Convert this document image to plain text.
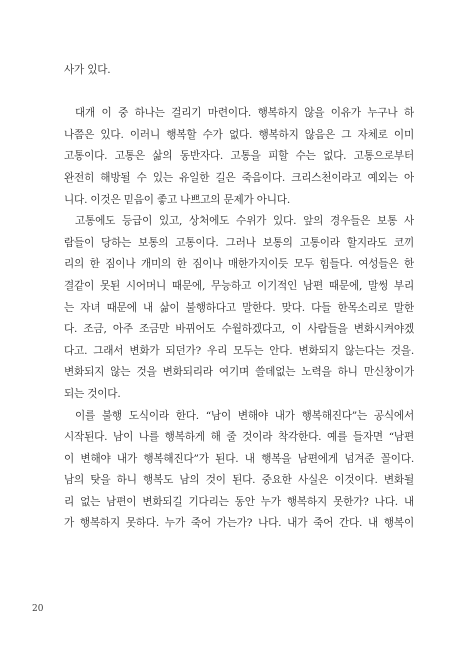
사가 있다.
대개 이 중 하나는 걸리기 마련이다. 행복하지 않을 이유가 누구나 하
나쯤은 있다. 이러니 행복할 수가 없다. 행복하지 않음은 그 자체로 이미
고통이다. 고통은 삶의 동반자다. 고통을 피할 수는 없다. 고통으로부터
완전히 해방될 수 있는 유일한 길은 죽음이다. 크리스천이라고 예외는 아
니다. 이것은 믿음이 좋고 나쁘고의 문제가 아니다.
고통에도 등급이 있고, 상처에도 수위가 있다. 앞의 경우들은 보통 사
람들이 당하는 보통의 고통이다. 그러나 보통의 고통이라 할지라도 코끼
리의 한 짐이나 개미의 한 짐이나 매한가지이듯 모두 힘들다. 여성들은 한
결같이 못된 시어머니 때문에, 무능하고 이기적인 남편 때문에, 말썽 부리
는 자녀 때문에 내 삶이 불행하다고 말한다. 맞다. 다들 한목소리로 말한
다. 조금, 아주 조금만 바뀌어도 수월하겠다고, 이 사람들을 변화시켜야겠
다고. 그래서 변화가 되던가? 우리 모두는 안다. 변화되지 않는다는 것을.
변화되지 않는 것을 변화되리라 여기며 쓸데없는 노력을 하니 만신창이가
되는 것이다.
이를 불행 도식이라 한다. “남이 변해야 내가 행복해진다”는 공식에서
시작된다. 남이 나를 행복하게 해 줄 것이라 착각한다. 예를 들자면 “남편
이 변해야 내가 행복해진다”가 된다. 내 행복을 남편에게 넘겨준 꼴이다.
남의 탓을 하니 행복도 남의 것이 된다. 중요한 사실은 이것이다. 변화될
리 없는 남편이 변화되길 기다리는 동안 누가 행복하지 못한가? 나다. 내
가 행복하지 못하다. 누가 죽어 가는가? 나다. 내가 죽어 간다. 내 행복이
20
